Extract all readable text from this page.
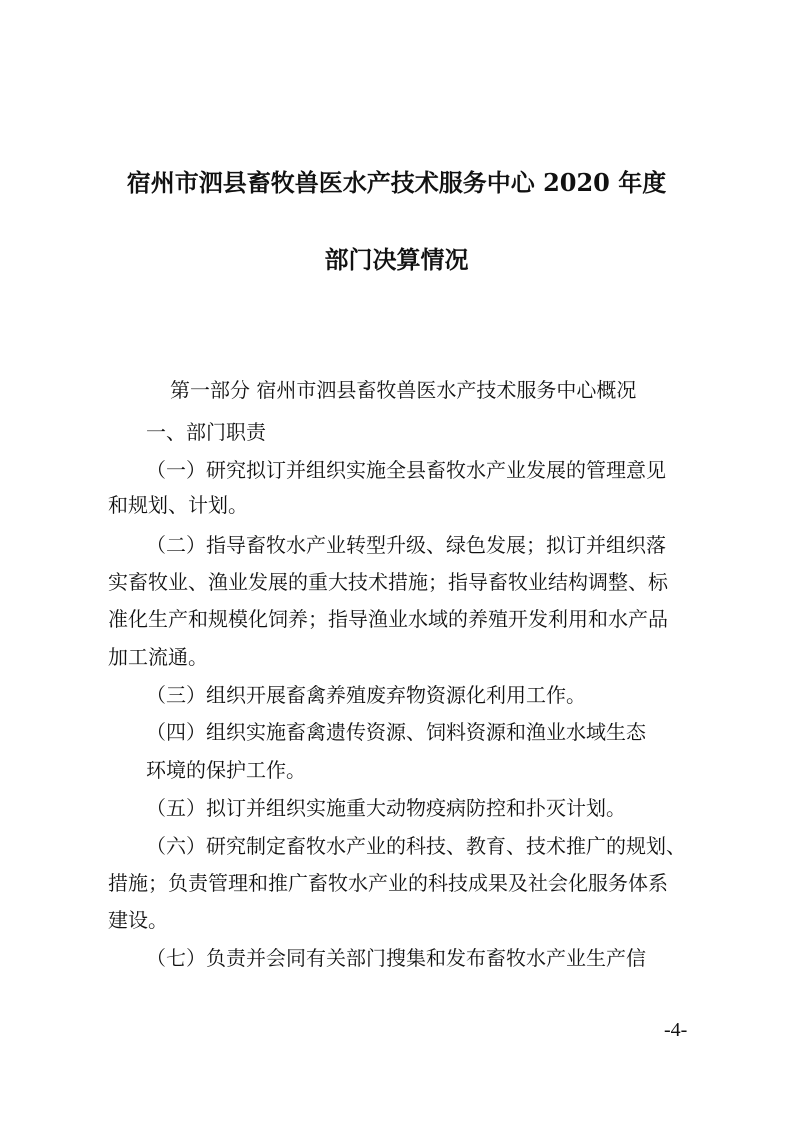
宿州市泗县畜牧兽医水产技术服务中心 2020 年度
部门决算情况
第一部分 宿州市泗县畜牧兽医水产技术服务中心概况
一、部门职责
（一）研究拟订并组织实施全县畜牧水产业发展的管理意见
和规划、计划。
（二）指导畜牧水产业转型升级、绿色发展；拟订并组织落
实畜牧业、渔业发展的重大技术措施；指导畜牧业结构调整、标
准化生产和规模化饲养；指导渔业水域的养殖开发利用和水产品
加工流通。
（三）组织开展畜禽养殖废弃物资源化利用工作。
（四）组织实施畜禽遗传资源、饲料资源和渔业水域生态
环境的保护工作。
（五）拟订并组织实施重大动物疫病防控和扑灭计划。
（六）研究制定畜牧水产业的科技、教育、技术推广的规划、
措施；负责管理和推广畜牧水产业的科技成果及社会化服务体系
建设。
（七）负责并会同有关部门搜集和发布畜牧水产业生产信
-4-
